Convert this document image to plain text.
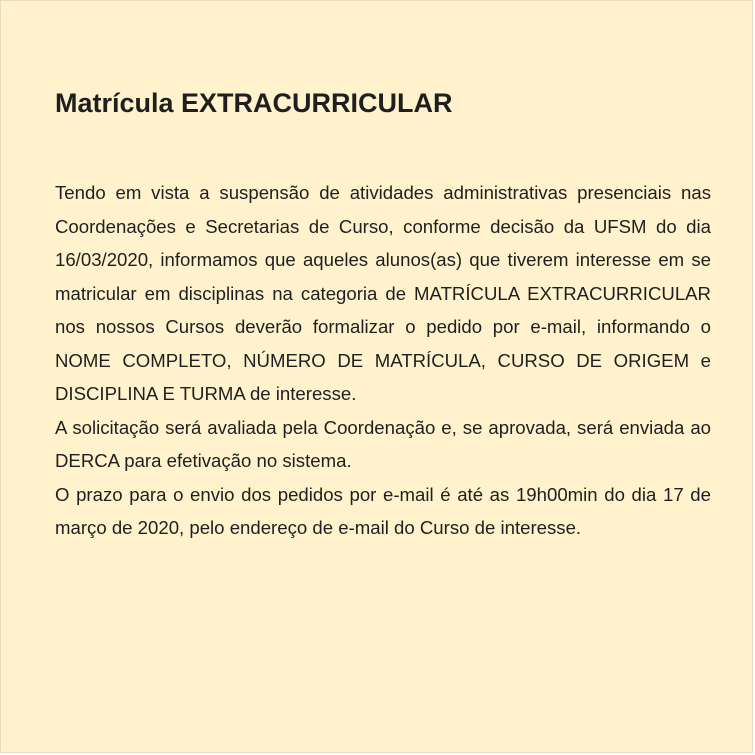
Matrícula EXTRACURRICULAR

Tendo em vista a suspensão de atividades administrativas presenciais nas Coordenações e Secretarias de Curso, conforme decisão da UFSM do dia 16/03/2020, informamos que aqueles alunos(as) que tiverem interesse em se matricular em disciplinas na categoria de MATRÍCULA EXTRACURRICULAR nos nossos Cursos deverão formalizar o pedido por e-mail, informando o NOME COMPLETO, NÚMERO DE MATRÍCULA, CURSO DE ORIGEM e DISCIPLINA E TURMA de interesse.

A solicitação será avaliada pela Coordenação e, se aprovada, será enviada ao DERCA para efetivação no sistema.

O prazo para o envio dos pedidos por e-mail é até as 19h00min do dia 17 de março de 2020, pelo endereço de e-mail do Curso de interesse.
